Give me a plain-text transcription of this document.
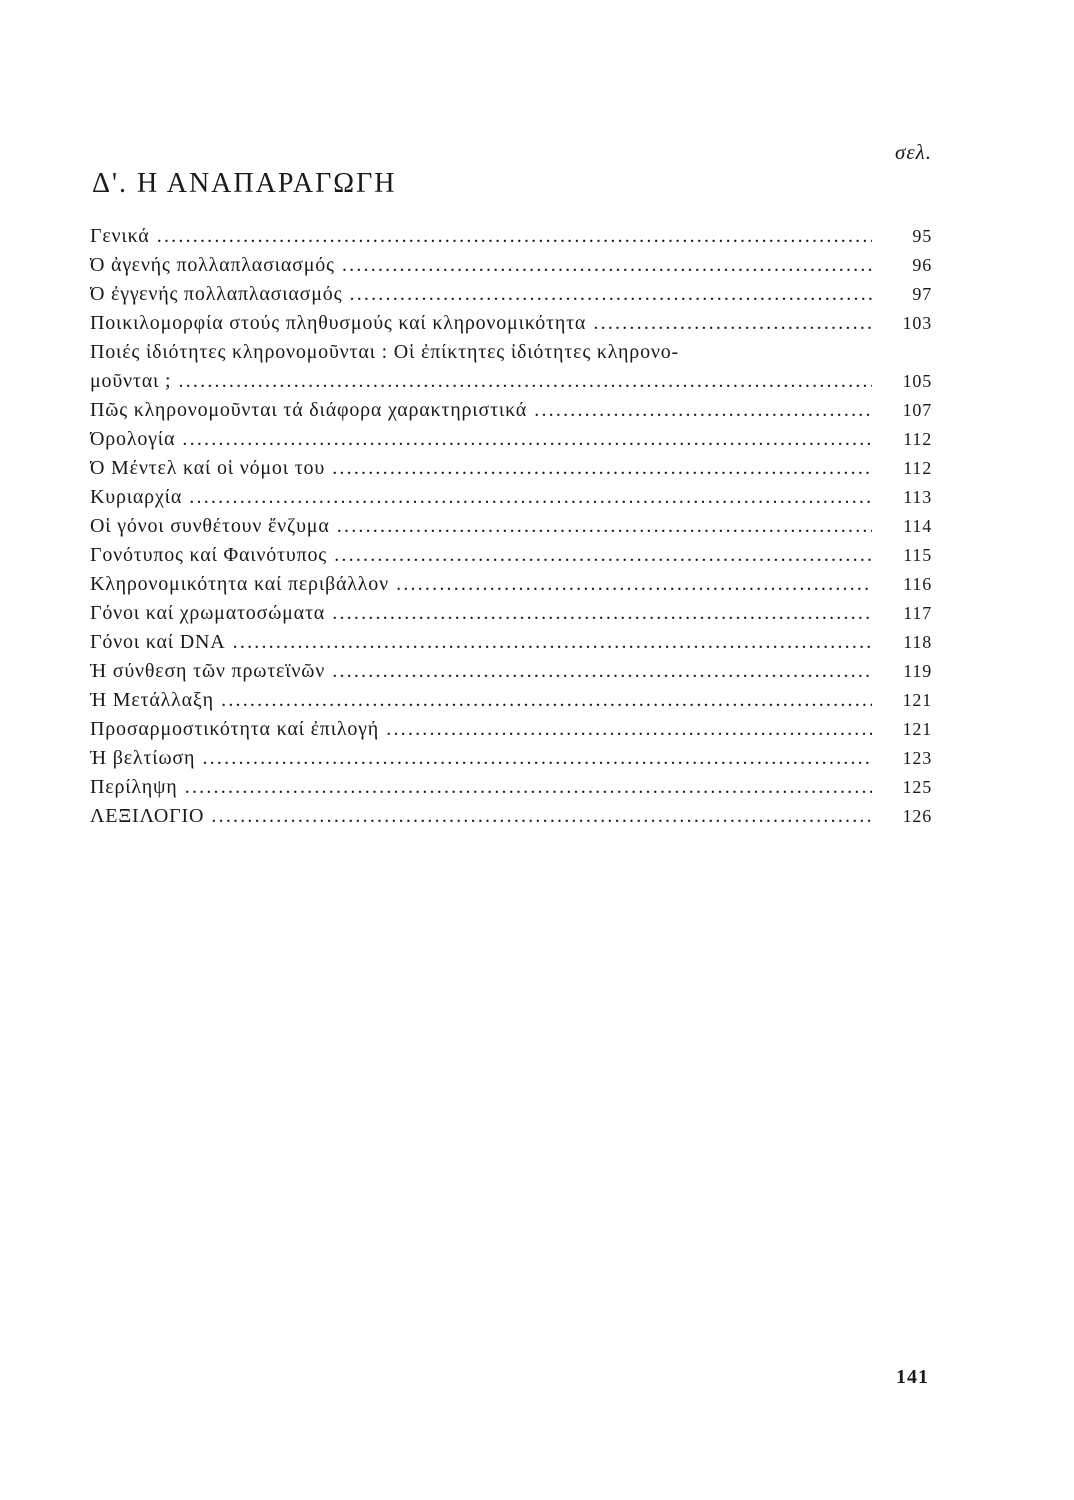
σελ.
Δ'. Η ΑΝΑΠΑΡΑΓΩΓΗ
Γενικά .....	95
Ό ἀγενής πολλαπλασιασμός .....	96
Ό ἐγγενής πολλαπλασιασμός .....	97
Ποικιλομορφία στούς πληθυσμούς καί κληρονομικότητα .....	103
Ποιές ἰδιότητες κληρονομοῦνται : Οἱ ἐπίκτητες ἰδιότητες κληρονο-
μοῦνται ; .....	105
Πῶς κληρονομοῦνται τά διάφορα χαρακτηριστικά .....	107
Όρολογία .....	112
Ό Μέντελ καί οἱ νόμοι του .....	112
Κυριαρχία .....	113
Οἱ γόνοι συνθέτουν ἔνζυμα .....	114
Γονότυπος καί Φαινότυπος .....	115
Κληρονομικότητα καί περιβάλλον .....	116
Γόνοι καί χρωματοσώματα .....	117
Γόνοι καί DNA .....	118
Ή σύνθεση τῶν πρωτεϊνῶν .....	119
Ή Μετάλλαξη .....	121
Προσαρμοστικότητα καί ἐπιλογή .....	121
Ή βελτίωση .....	123
Περίληψη .....	125
ΛΕΞΙΛΟΓΙΟ .....	126
141
